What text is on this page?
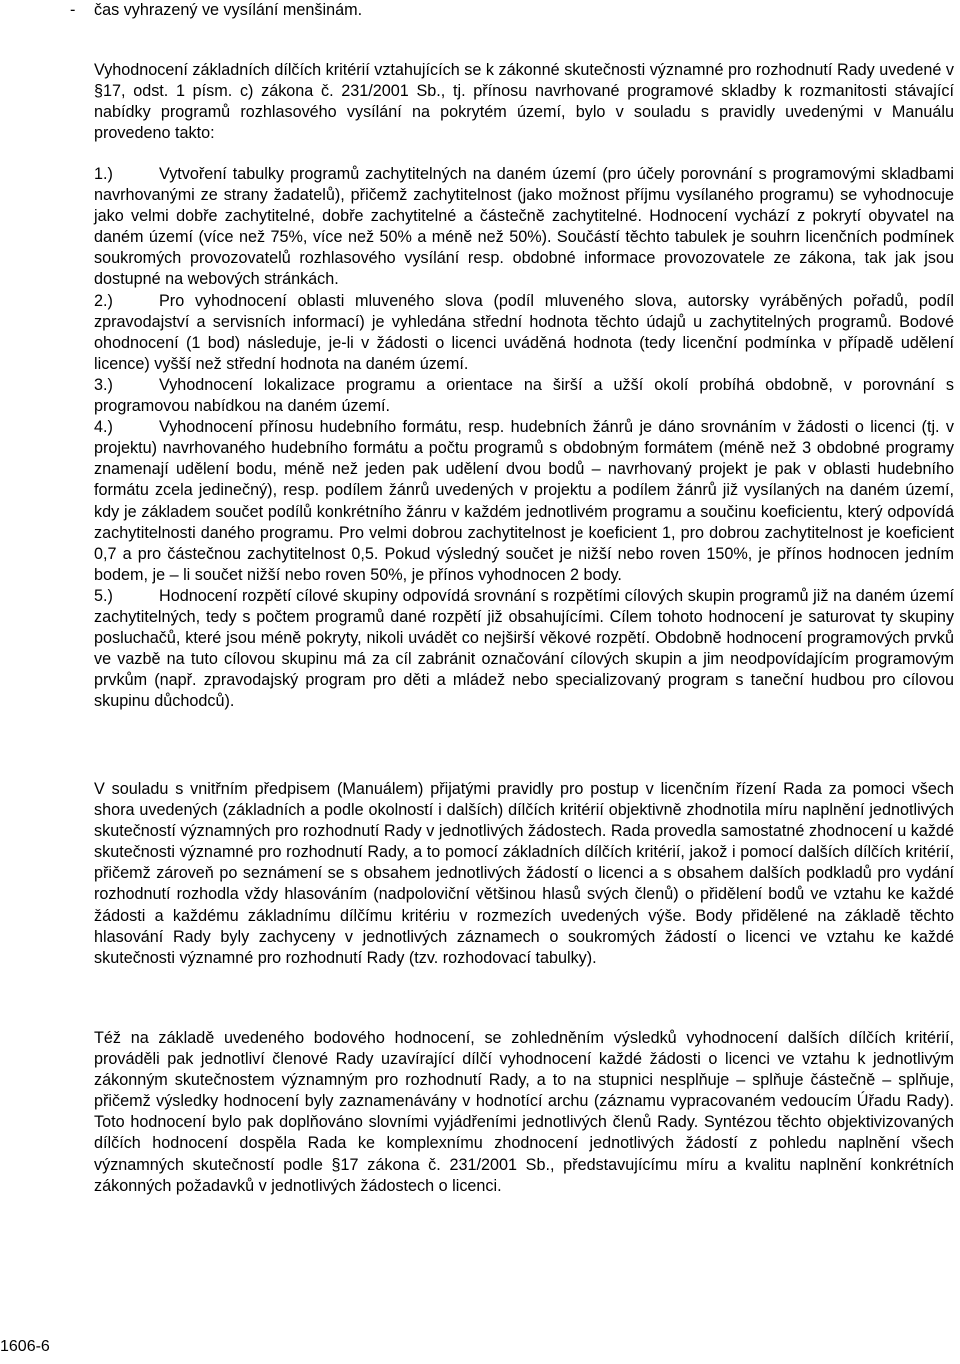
- čas vyhrazený ve vysílání menšinám.

Vyhodnocení základních dílčích kritérií vztahujících se k zákonné skutečnosti významné pro rozhodnutí Rady uvedené v §17, odst. 1 písm. c) zákona č. 231/2001 Sb., tj. přínosu navrhované programové skladby k rozmanitosti stávající nabídky programů rozhlasového vysílání na pokrytém území, bylo v souladu s pravidly uvedenými v Manuálu provedeno takto:

1.)	Vytvoření tabulky programů zachytitelných na daném území (pro účely porovnání s programovými skladbami navrhovanými ze strany žadatelů), přičemž zachytitelnost (jako možnost příjmu vysílaného programu) se vyhodnocuje jako velmi dobře zachytitelné, dobře zachytitelné a částečně zachytitelné. Hodnocení vychází z pokrytí obyvatel na daném území (více než 75%, více než 50% a méně než 50%). Součástí těchto tabulek je souhrn licenčních podmínek soukromých provozovatelů rozhlasového vysílání resp. obdobné informace provozovatele ze zákona, tak jak jsou dostupné na webových stránkách.

2.)	Pro vyhodnocení oblasti mluveného slova (podíl mluveného slova, autorsky vyráběných pořadů, podíl zpravodajství a servisních informací) je vyhledána střední hodnota těchto údajů u zachytitelných programů. Bodové ohodnocení (1 bod) následuje, je-li v žádosti o licenci uváděná hodnota (tedy licenční podmínka v případě udělení licence) vyšší než střední hodnota na daném území.

3.)	Vyhodnocení lokalizace programu a orientace na širší a užší okolí probíhá obdobně, v porovnání s programovou nabídkou na daném území.

4.)	Vyhodnocení přínosu hudebního formátu, resp. hudebních žánrů je dáno srovnáním v žádosti o licenci (tj. v projektu) navrhovaného hudebního formátu a počtu programů s obdobným formátem (méně než 3 obdobné programy znamenají udělení bodu, méně než jeden pak udělení dvou bodů – navrhovaný projekt je pak v oblasti hudebního formátu zcela jedinečný), resp. podílem žánrů uvedených v projektu a podílem žánrů již vysílaných na daném území, kdy je základem součet podílů konkrétního žánru v každém jednotlivém programu a součinu koeficientu, který odpovídá zachytitelnosti daného programu. Pro velmi dobrou zachytitelnost je koeficient 1, pro dobrou zachytitelnost je koeficient 0,7 a pro částečnou zachytitelnost 0,5. Pokud výsledný součet je nižší nebo roven 150%, je přínos hodnocen jedním bodem, je – li součet nižší nebo roven 50%, je přínos vyhodnocen 2 body.

5.)	Hodnocení rozpětí cílové skupiny odpovídá srovnání s rozpětími cílových skupin programů již na daném území zachytitelných, tedy s počtem programů dané rozpětí již obsahujícími. Cílem tohoto hodnocení je saturovat ty skupiny posluchačů, které jsou méně pokryty, nikoli uvádět co nejširší věkové rozpětí. Obdobně hodnocení programových prvků ve vazbě na tuto cílovou skupinu má za cíl zabránit označování cílových skupin a jim neodpovídajícím programovým prvkům (např. zpravodajský program pro děti a mládež nebo specializovaný program s taneční hudbou pro cílovou skupinu důchodců).

V souladu s vnitřním předpisem (Manuálem) přijatými pravidly pro postup v licenčním řízení Rada za pomoci všech shora uvedených (základních a podle okolností i dalších) dílčích kritérií objektivně zhodnotila míru naplnění jednotlivých skutečností významných pro rozhodnutí Rady v jednotlivých žádostech. Rada provedla samostatné zhodnocení u každé skutečnosti významné pro rozhodnutí Rady, a to pomocí základních dílčích kritérií, jakož i pomocí dalších dílčích kritérií, přičemž zároveň po seznámení se s obsahem jednotlivých žádostí o licenci a s obsahem dalších podkladů pro vydání rozhodnutí rozhodla vždy hlasováním (nadpoloviční většinou hlasů svých členů) o přidělení bodů ve vztahu ke každé žádosti a každému základnímu dílčímu kritériu v rozmezích uvedených výše. Body přidělené na základě těchto hlasování Rady byly zachyceny v jednotlivých záznamech o soukromých žádostí o licenci ve vztahu ke každé skutečnosti významné pro rozhodnutí Rady (tzv. rozhodovací tabulky).

Též na základě uvedeného bodového hodnocení, se zohledněním výsledků vyhodnocení dalších dílčích kritérií, prováděli pak jednotliví členové Rady uzavírající dílčí vyhodnocení každé žádosti o licenci ve vztahu k jednotlivým zákonným skutečnostem významným pro rozhodnutí Rady, a to na stupnici nesplňuje – splňuje částečně – splňuje, přičemž výsledky hodnocení byly zaznamenávány v hodnotící archu (záznamu vypracovaném vedoucím Úřadu Rady). Toto hodnocení bylo pak doplňováno slovními vyjádřeními jednotlivých členů Rady. Syntézou těchto objektivizovaných dílčích hodnocení dospěla Rada ke komplexnímu zhodnocení jednotlivých žádostí z pohledu naplnění všech významných skutečností podle §17 zákona č. 231/2001 Sb., představujícímu míru a kvalitu naplnění konkrétních zákonných požadavků v jednotlivých žádostech o licenci.

1606-6
